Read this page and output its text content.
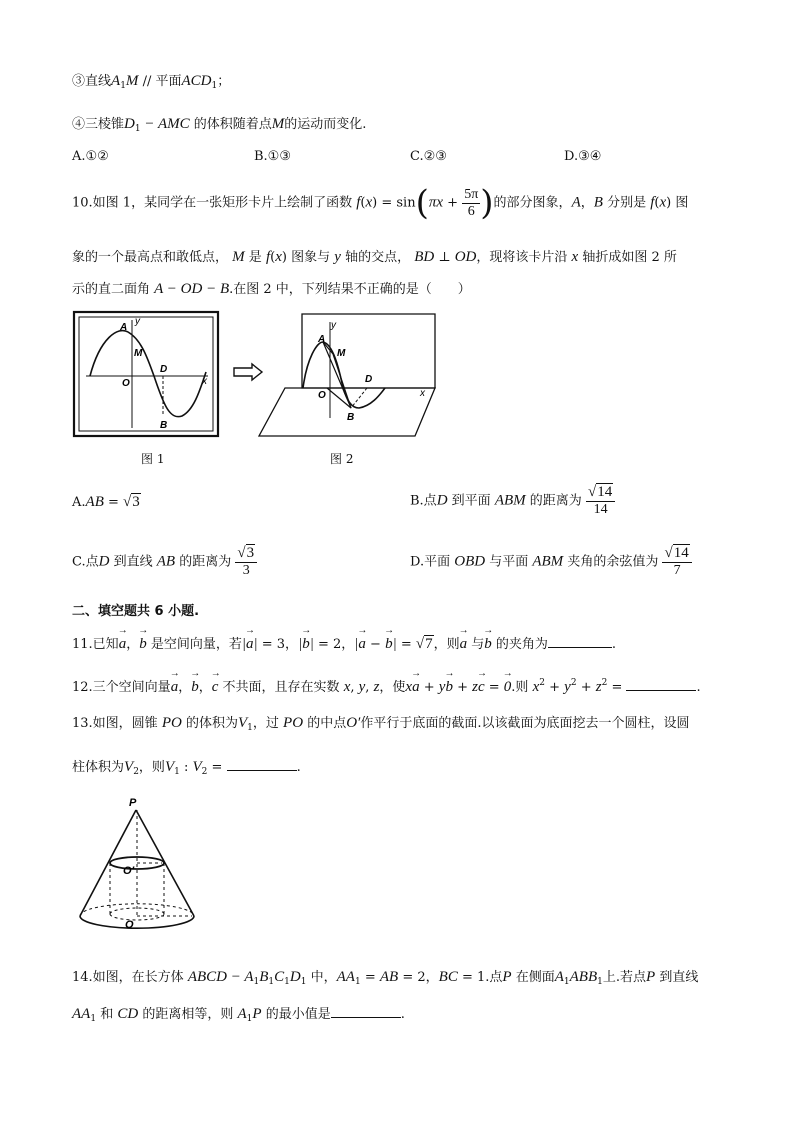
③直线$A_1M$ // 平面$ACD_1$；
④三棱锥$D_1$ − AMC 的体积随着点M的运动而变化.
A.①②	B.①③	C.②③	D.③④
10.如图 1，某同学在一张矩形卡片上绘制了函数 $f(x) = \sin(\pi x + \frac{5\pi}{6}$ )的部分图象，A，B 分别是 f(x) 图
象的一个最高点和敢低点， M 是 f(x) 图象与 y 轴的交点， BD ⊥ OD，现将该卡片沿 x 轴折成如图 2 所
示的直二面角 A − OD − B.在图 2 中，下列结果不正确的是（　　）
A
y
M
D
O	x
B
A
y
M
D
O	x
B
图 1	图 2
A.AB = √3	B.点D 到平面 ABM 的距离为 $\frac{√14}{14}$
C.点D 到直线 AB 的距离为 $\frac{√3}{3}$	D.平面 OBD 与平面 ABM 夹角的余弦值为 $\frac{√14}{7}$
二、填空题共 6 小题.
11.已知→ a，→ b 是空间向量，若|→ a| = 3，|→ b| = 2，|→ a − → b| = √7，则→ a 与→ b 的夹角为	.
12.三个空间向量→ a，→ b，→ c 不共面，且存在实数 x, y, z，使x→ a + y→ b + z→ c = → 0.则 $x^2 + y^2 + z^2$ =	.
13.如图，圆锥 PO 的体积为$V_1$，过 PO 的中点O′作平行于底面的截面.以该截面为底面挖去一个圆柱，设圆
柱体积为$V_2$，则$V_1$ : $V_2$ =	.
P
O′
O
14.如图，在长方体 ABCD − $A_1B_1C_1D_1$ 中，$AA_1$ = AB = 2，BC = 1.点P 在侧面$A_1ABB_1$上.若点P 到直线
$AA_1$ 和 CD 的距离相等，则 $A_1P$ 的最小值是	.
